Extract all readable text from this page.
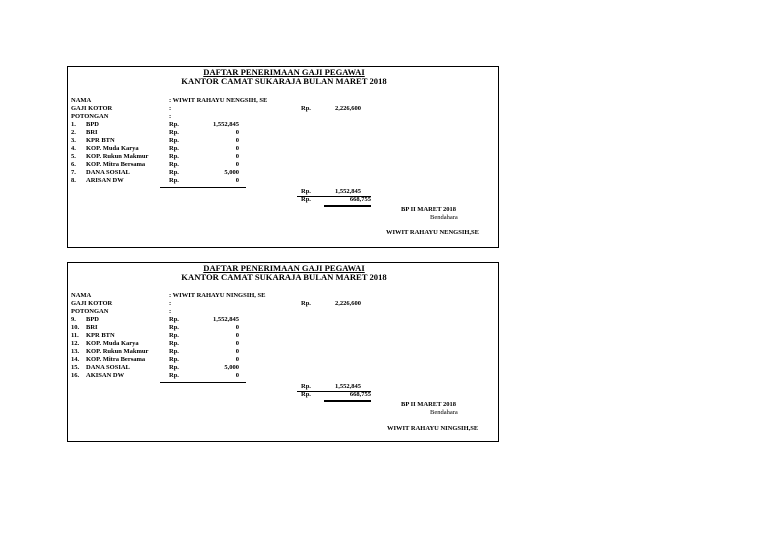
DAFTAR PENERIMAAN GAJI PEGAWAI
KANTOR CAMAT SUKARAJA BULAN MARET 2018
NAMA	: WIWIT RAHAYU NENGSIH, SE
GAJI KOTOR	:	Rp.	2,226,600
POTONGAN	:
1. BPD	Rp.	1,552,845
2. BRI	Rp.	0
3. KPR BTN	Rp.	0
4. KOP. Muda Karya	Rp.	0
5. KOP. Rukun Makmur	Rp.	0
6. KOP. Mitra Bersama	Rp.	0
7. DANA SOSIAL	Rp.	5,000
8. ARISAN DW	Rp.	0
Rp.	1,552,845
Rp.	668,755
BP II MARET 2018
Bendahara
WIWIT RAHAYU NENGSIH,SE
DAFTAR PENERIMAAN GAJI PEGAWAI
KANTOR CAMAT SUKARAJA BULAN MARET 2018
NAMA	: WIWIT RAHAYU NINGSIH, SE
GAJI KOTOR	:	Rp.	2,226,600
POTONGAN	:
9. BPD	Rp.	1,552,845
10. BRI	Rp.	0
11. KPR BTN	Rp.	0
12. KOP. Muda Karya	Rp.	0
13. KOP. Rukun Makmur	Rp.	0
14. KOP. Mitra Bersama	Rp.	0
15. DANA SOSIAL	Rp.	5,000
16. AKISAN DW	Rp.	0
Rp.	1,552,845
Rp.	668,755
BP II MARET 2018
Bendahara
WIWIT RAHAYU NINGSIH,SE
